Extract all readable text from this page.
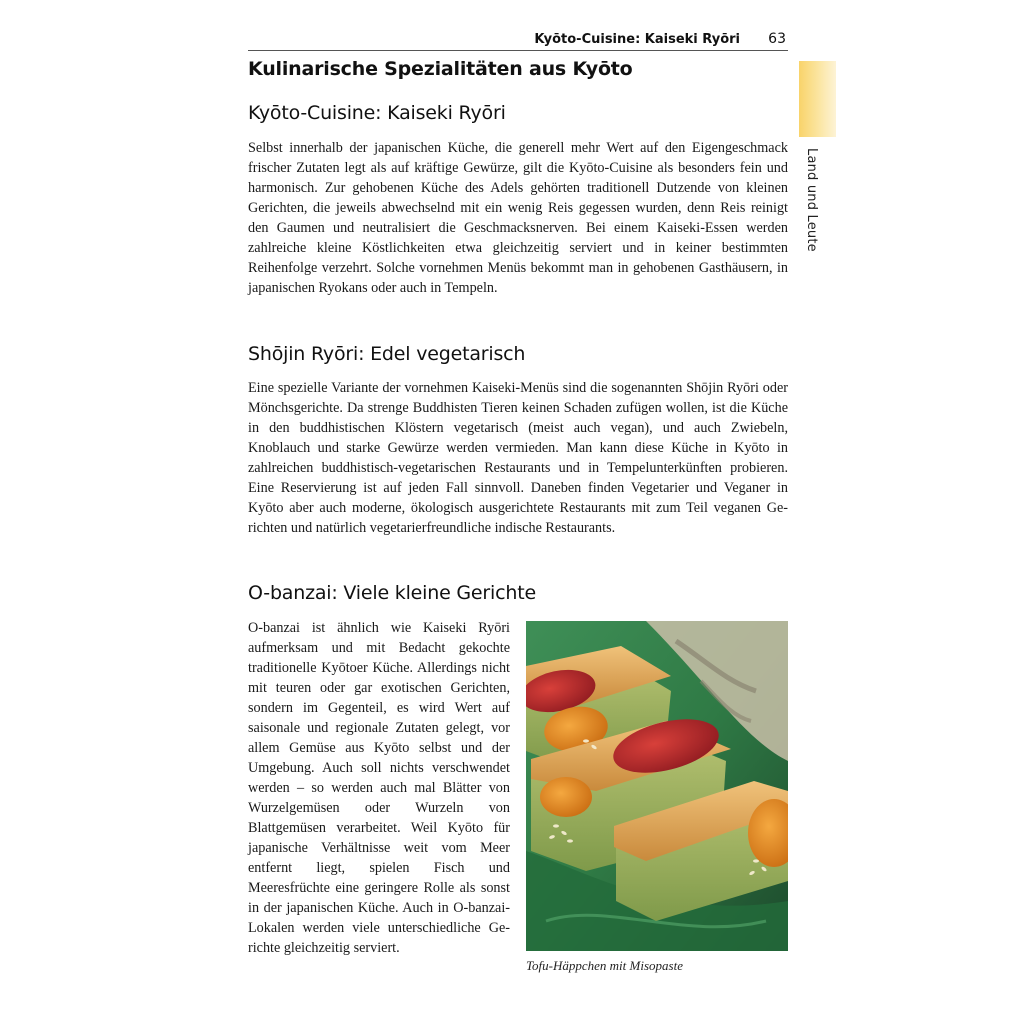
Kyōto-Cuisine: Kaiseki Ryōri 63
Land und Leute
Kulinarische Spezialitäten aus Kyōto
Kyōto-Cuisine: Kaiseki Ryōri

Selbst innerhalb der japanischen Küche, die generell mehr Wert auf den Eigengeschmack frischer Zutaten legt als auf kräftige Gewürze, gilt die Kyōto-Cuisine als besonders fein und harmonisch. Zur gehobenen Küche des Adels gehörten traditionell Dutzende von kleinen Gerichten, die jeweils abwechselnd mit ein wenig Reis gegessen wurden, denn Reis reinigt den Gaumen und neutralisiert die Geschmacksnerven. Bei einem Kaiseki-Essen werden zahlreiche kleine Köstlichkeiten etwa gleichzeitig serviert und in keiner bestimmten Reihenfolge verzehrt. Solche vornehmen Menüs bekommt man in gehobenen Gasthäusern, in japanischen Ryokans oder auch in Tempeln.

Shōjin Ryōri: Edel vegetarisch

Eine spezielle Variante der vornehmen Kaiseki-Menüs sind die sogenannten Shōjin Ryōri oder Mönchsgerichte. Da strenge Buddhisten Tieren keinen Schaden zufügen wollen, ist die Küche in den buddhistischen Klöstern vegetarisch (meist auch vegan), und auch Zwiebeln, Knoblauch und starke Gewürze werden vermieden. Man kann diese Küche in Kyōto in zahlreichen buddhistisch-vegetarischen Restaurants und in Tempelunterkünften probieren. Eine Reservierung ist auf jeden Fall sinnvoll. Daneben finden Vegetarier und Veganer in Kyōto aber auch moderne, ökologisch ausgerichtete Restaurants mit zum Teil veganen Gerichten und natürlich vegetarierfreundliche indische Restaurants.

O-banzai: Viele kleine Gerichte

O-banzai ist ähnlich wie Kaiseki Ryōri aufmerksam und mit Bedacht gekochte traditionelle Kyōtoer Küche. Allerdings nicht mit teuren oder gar exotischen Gerichten, sondern im Gegenteil, es wird Wert auf saisonale und regionale Zutaten gelegt, vor allem Gemüse aus Kyōto selbst und der Umgebung. Auch soll nichts verschwendet werden – so werden auch mal Blätter von Wurzelgemüsen oder Wurzeln von Blattgemüsen verarbeitet. Weil Kyōto für japanische Verhältnisse weit vom Meer entfernt liegt, spielen Fisch und Meeresfrüchte eine geringere Rolle als sonst in der japanischen Küche. Auch in O-banzai-Lokalen werden viele unterschiedliche Gerichte gleichzeitig serviert.

Tofu-Häppchen mit Misopaste
